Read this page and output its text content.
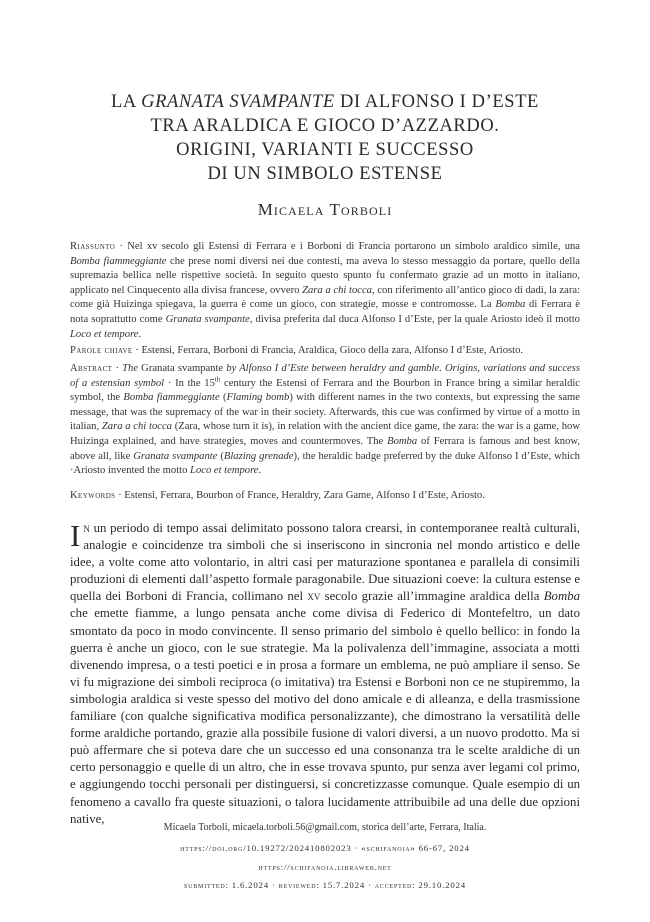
LA GRANATA SVAMPANTE DI ALFONSO I D’ESTE
TRA ARALDICA E GIOCO D’AZZARDO.
ORIGINI, VARIANTI E SUCCESSO
DI UN SIMBOLO ESTENSE
Micaela Torboli
Riassunto · Nel xv secolo gli Estensi di Ferrara e i Borboni di Francia portarono un simbolo araldico simile, una Bomba fiammeggiante che prese nomi diversi nei due contesti, ma aveva lo stesso messaggio da portare, quello della supremazia bellica nelle rispettive società. In seguito questo spunto fu confermato grazie ad un motto in italiano, applicato nel Cinquecento alla divisa francese, ovvero Zara a chi tocca, con riferimento all’antico gioco di dadi, la zara: come già Huizinga spiegava, la guerra è come un gioco, con strategie, mosse e contromosse. La Bomba di Ferrara è nota soprattutto come Granata svampante, divisa preferita dal duca Alfonso I d’Este, per la quale Ariosto ideò il motto Loco et tempore.
Parole chiave · Estensi, Ferrara, Borboni di Francia, Araldica, Gioco della zara, Alfonso I d’Este, Ariosto.
Abstract · The Granata svampante by Alfonso I d’Este between heraldry and gamble. Origins, variations and success of a estensian symbol · In the 15th century the Estensi of Ferrara and the Bourbon in France bring a similar heraldic symbol, the Bomba fiammeggiante (Flaming bomb) with different names in the two contexts, but expressing the same message, that was the supremacy of the war in their society. Afterwards, this cue was confirmed by virtue of a motto in italian, Zara a chi tocca (Zara, whose turn it is), in relation with the ancient dice game, the zara: the war is a game, how Huizinga explained, and have strategies, moves and countermoves. The Bomba of Ferrara is famous and best know, above all, like Granata svampante (Blazing grenade), the heraldic badge preferred by the duke Alfonso I d’Este, which ·Ariosto invented the motto Loco et tempore.
Keywords · Estensi, Ferrara, Bourbon of France, Heraldry, Zara Game, Alfonso I d’Este, Ariosto.
In un periodo di tempo assai delimitato possono talora crearsi, in contemporanee realtà culturali, analogie e coincidenze tra simboli che si inseriscono in sincronia nel mondo artistico e delle idee, a volte come atto volontario, in altri casi per maturazione spontanea e parallela di consimili produzioni di elementi dall’aspetto formale paragonabile. Due situazioni coeve: la cultura estense e quella dei Borboni di Francia, collimano nel xv secolo grazie all’immagine araldica della Bomba che emette fiamme, a lungo pensata anche come divisa di Federico di Montefeltro, un dato smontato da poco in modo convincente. Il senso primario del simbolo è quello bellico: in fondo la guerra è anche un gioco, con le sue strategie. Ma la polivalenza dell’immagine, associata a motti divenendo impresa, o a testi poetici e in prosa a formare un emblema, ne può ampliare il senso. Se vi fu migrazione dei simboli reciproca (o imitativa) tra Estensi e Borboni non ce ne stupiremmo, la simbologia araldica si veste spesso del motivo del dono amicale e di alleanza, e della trasmissione familiare (con qualche significativa modifica personalizzante), che dimostrano la versatilità delle forme araldiche portando, grazie alla possibile fusione di valori diversi, a un nuovo prodotto. Ma si può affermare che si poteva dare che un successo ed una consonanza tra le scelte araldiche di un certo personaggio e quelle di un altro, che in esse trovava spunto, pur senza aver legami col primo, e aggiungendo tocchi personali per distinguersi, si concretizzasse comunque. Quale esempio di un fenomeno a cavallo fra queste situazioni, o talora lucidamente attribuibile ad una delle due opzioni native,
Micaela Torboli, micaela.torboli.56@gmail.com, storica dell’arte, Ferrara, Italia.
https://doi.org/10.19272/202410802023 · «schifanoia» 66-67, 2024
https://schifanoia.libraweb.net
submitted: 1.6.2024 · reviewed: 15.7.2024 · accepted: 29.10.2024
